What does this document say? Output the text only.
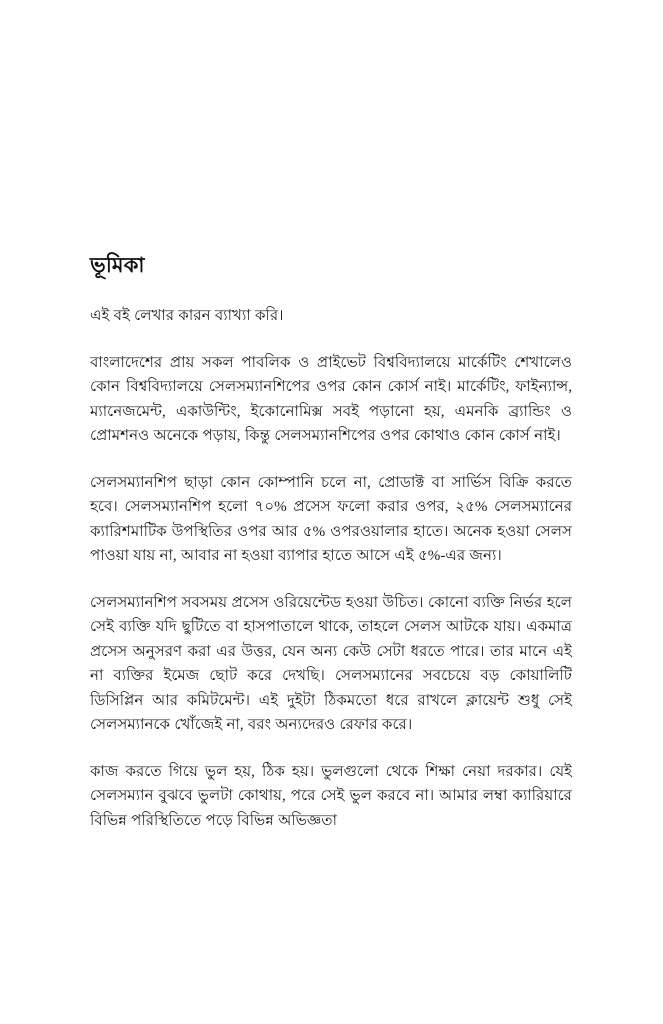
ভূমিকা

এই বই লেখার কারন ব্যাখ্যা করি।

বাংলাদেশের প্রায় সকল পাবলিক ও প্রাইভেট বিশ্ববিদ্যালয়ে মার্কেটিং শেখালেও কোন বিশ্ববিদ্যালয়ে সেলসম্যানশিপের ওপর কোন কোর্স নাই। মার্কেটিং, ফাইন্যান্স, ম্যানেজমেন্ট, একাউন্টিং, ইকোনোমিক্স সবই পড়ানো হয়, এমনকি ব্র্যান্ডিং ও প্রোমশনও অনেকে পড়ায়, কিন্তু সেলসম্যানশিপের ওপর কোথাও কোন কোর্স নাই।

সেলসম্যানশিপ ছাড়া কোন কোম্পানি চলে না, প্রোডাক্ট বা সার্ভিস বিক্রি করতে হবে। সেলসম্যানশিপ হলো ৭০% প্রসেস ফলো করার ওপর, ২৫% সেলসম্যানের ক্যারিশমাটিক উপস্থিতির ওপর আর ৫% ওপরওয়ালার হাতে। অনেক হওয়া সেলস পাওয়া যায় না, আবার না হওয়া ব্যাপার হাতে আসে এই ৫%-এর জন্য।

সেলসম্যানশিপ সবসময় প্রসেস ওরিয়েন্টেড হওয়া উচিত। কোনো ব্যক্তি নির্ভর হলে সেই ব্যক্তি যদি ছুটিতে বা হাসপাতালে থাকে, তাহলে সেলস আটকে যায়। একমাত্র প্রসেস অনুসরণ করা এর উত্তর, যেন অন্য কেউ সেটা ধরতে পারে। তার মানে এই না ব্যক্তির ইমেজ ছোট করে দেখছি। সেলসম্যানের সবচেয়ে বড় কোয়ালিটি ডিসিপ্লিন আর কমিটমেন্ট। এই দুইটা ঠিকমতো ধরে রাখলে ক্লায়েন্ট শুধু সেই সেলসম্যানকে খোঁজেই না, বরং অন্যদেরও রেফার করে।

কাজ করতে গিয়ে ভুল হয়, ঠিক হয়। ভুলগুলো থেকে শিক্ষা নেয়া দরকার। যেই সেলসম্যান বুঝবে ভুলটা কোথায়, পরে সেই ভুল করবে না। আমার লম্বা ক্যারিয়ারে বিভিন্ন পরিস্থিতিতে পড়ে বিভিন্ন অভিজ্ঞতা
